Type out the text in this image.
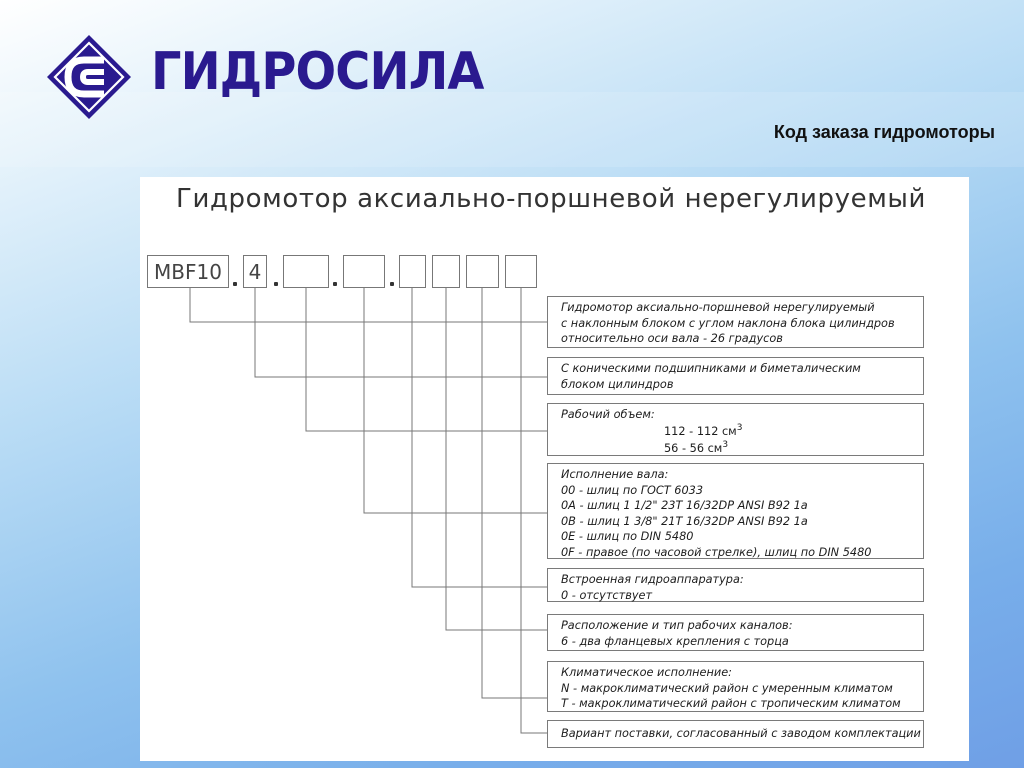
ГИДРОСИЛА
Код заказа гидромоторы
Гидромотор аксиально-поршневой нерегулируемый
MBF10	4
Гидромотор аксиально-поршневой нерегулируемый
с наклонным блоком с углом наклона блока цилиндров
относительно оси вала - 26 градусов
С коническими подшипниками и биметалическим
блоком цилиндров
Рабочий объем:
112 - 112 $см^3$
56 - 56 $см^3$
Исполнение вала:
00 - шлиц по ГОСТ 6033
0A - шлиц 1 1/2" 23T 16/32DP ANSI B92 1a
0B - шлиц 1 3/8" 21T 16/32DP ANSI B92 1a
0E - шлиц по DIN 5480
0F - правое (по часовой стрелке), шлиц по DIN 5480
Встроенная гидроаппаратура:
0 - отсутствует
Расположение и тип рабочих каналов:
6 - два фланцевых крепления с торца
Климатическое исполнение:
N - макроклиматический район с умеренным климатом
T - макроклиматический район с тропическим климатом
Вариант поставки, согласованный с заводом комплектации
